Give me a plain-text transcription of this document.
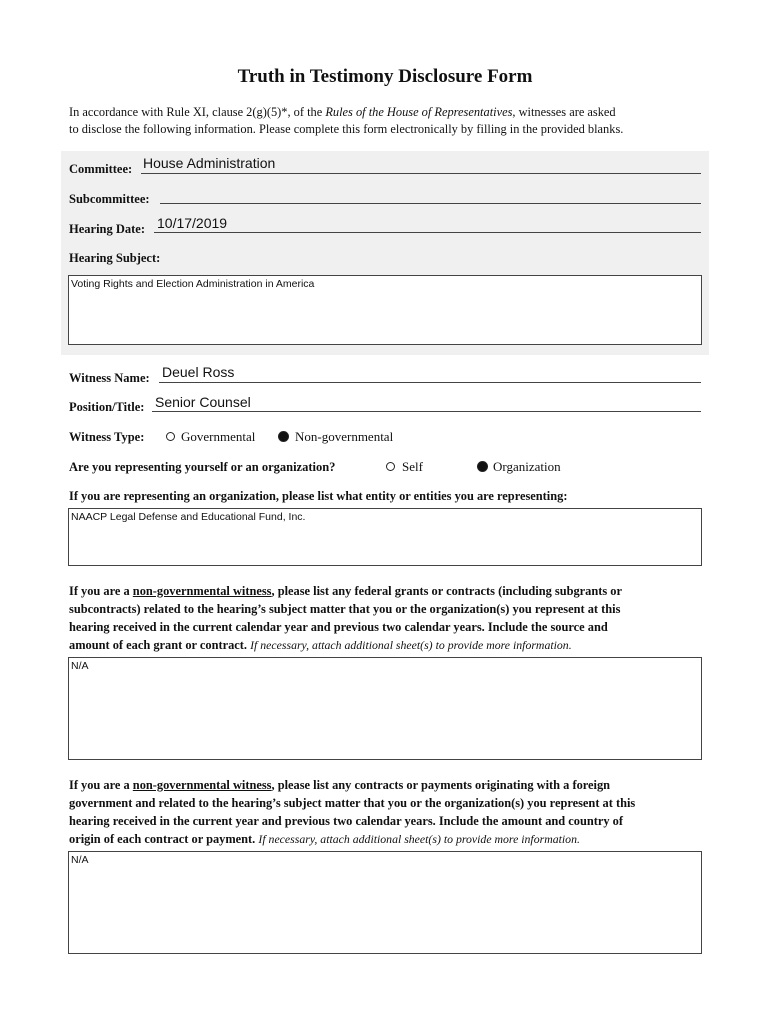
Truth in Testimony Disclosure Form
In accordance with Rule XI, clause 2(g)(5)*, of the Rules of the House of Representatives, witnesses are asked
to disclose the following information. Please complete this form electronically by filling in the provided blanks.
Committee: House Administration
Subcommittee:
Hearing Date: 10/17/2019
Hearing Subject:
Voting Rights and Election Administration in America
Witness Name: Deuel Ross
Position/Title: Senior Counsel
Witness Type:	Governmental	Non-governmental
Are you representing yourself or an organization?	Self	Organization
If you are representing an organization, please list what entity or entities you are representing:
NAACP Legal Defense and Educational Fund, Inc.
If you are a non-governmental witness, please list any federal grants or contracts (including subgrants or
subcontracts) related to the hearing’s subject matter that you or the organization(s) you represent at this
hearing received in the current calendar year and previous two calendar years. Include the source and
amount of each grant or contract. If necessary, attach additional sheet(s) to provide more information.
N/A
If you are a non-governmental witness, please list any contracts or payments originating with a foreign
government and related to the hearing’s subject matter that you or the organization(s) you represent at this
hearing received in the current year and previous two calendar years. Include the amount and country of
origin of each contract or payment. If necessary, attach additional sheet(s) to provide more information.
N/A
